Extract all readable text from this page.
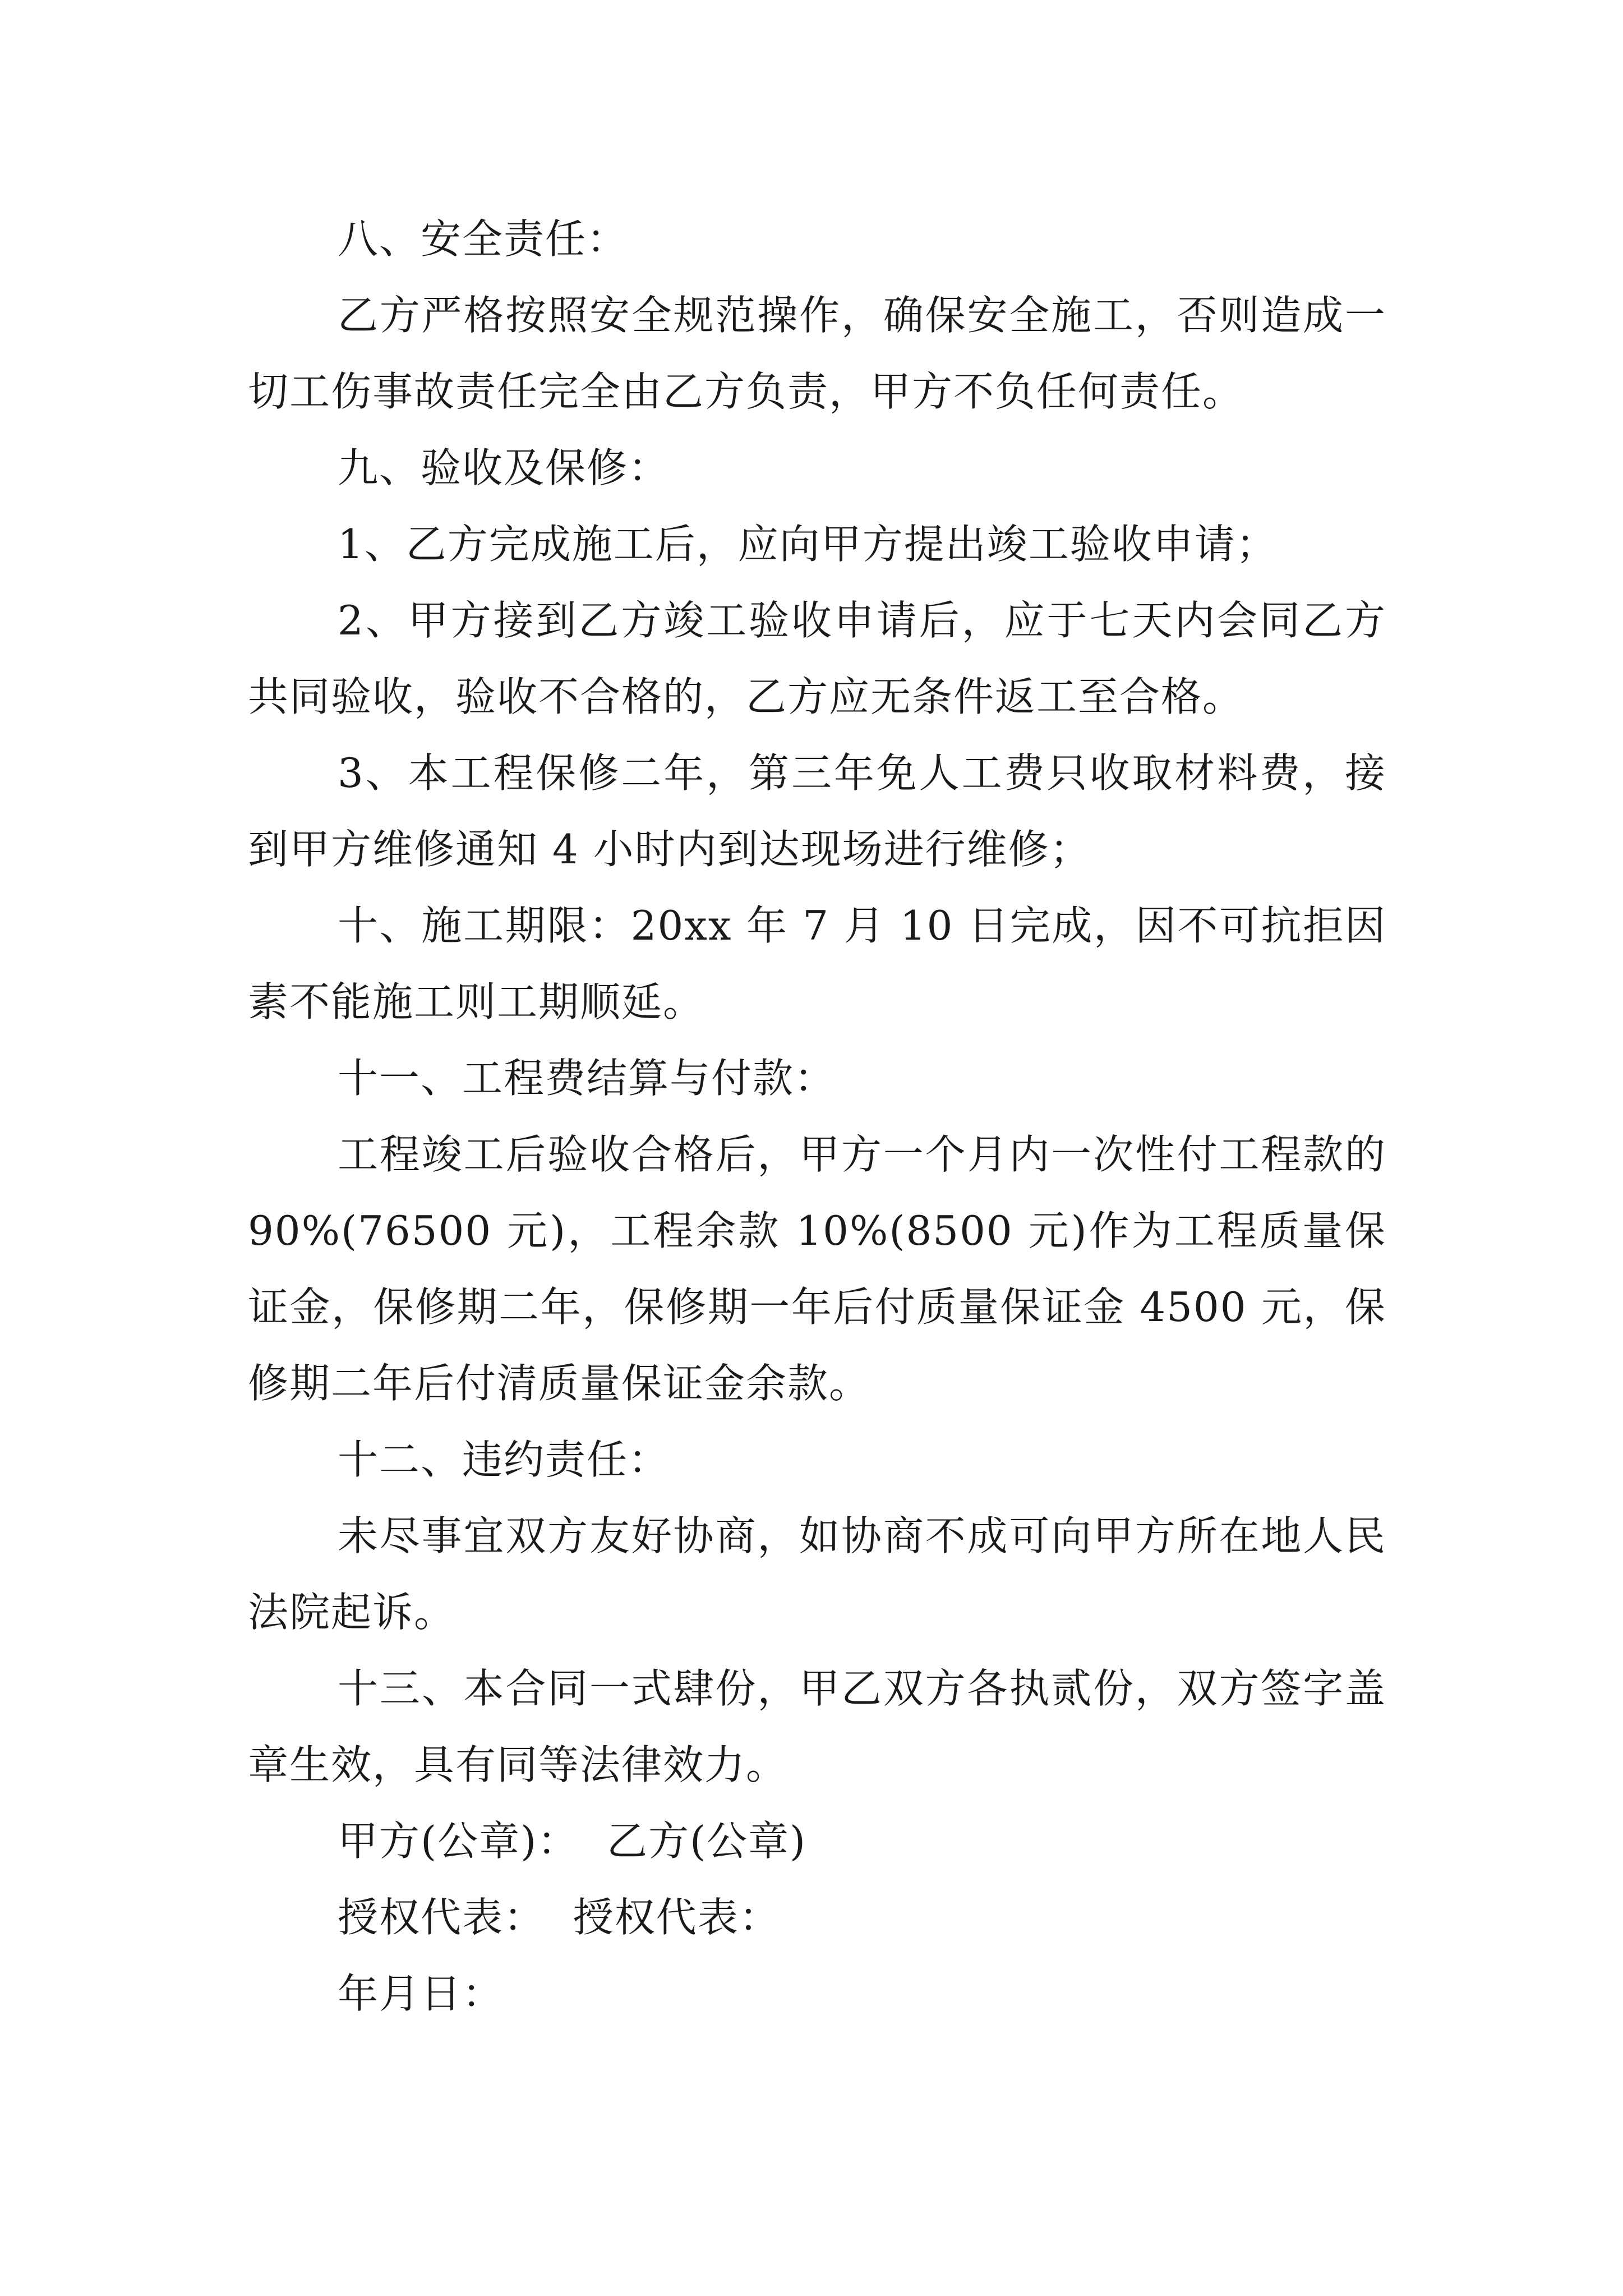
八、安全责任：

乙方严格按照安全规范操作，确保安全施工，否则造成一切工伤事故责任完全由乙方负责，甲方不负任何责任。

九、验收及保修：

1、乙方完成施工后，应向甲方提出竣工验收申请；

2、甲方接到乙方竣工验收申请后，应于七天内会同乙方共同验收，验收不合格的，乙方应无条件返工至合格。

3、本工程保修二年，第三年免人工费只收取材料费，接到甲方维修通知 4 小时内到达现场进行维修；

十、施工期限：20xx 年 7 月 10 日完成，因不可抗拒因素不能施工则工期顺延。

十一、工程费结算与付款：

工程竣工后验收合格后，甲方一个月内一次性付工程款的 90%(76500 元)，工程余款 10%(8500 元)作为工程质量保证金，保修期二年，保修期一年后付质量保证金 4500 元，保修期二年后付清质量保证金余款。

十二、违约责任：

未尽事宜双方友好协商，如协商不成可向甲方所在地人民法院起诉。

十三、本合同一式肆份，甲乙双方各执贰份，双方签字盖章生效，具有同等法律效力。

甲方(公章)： 乙方(公章)

授权代表： 授权代表：

年月日：
